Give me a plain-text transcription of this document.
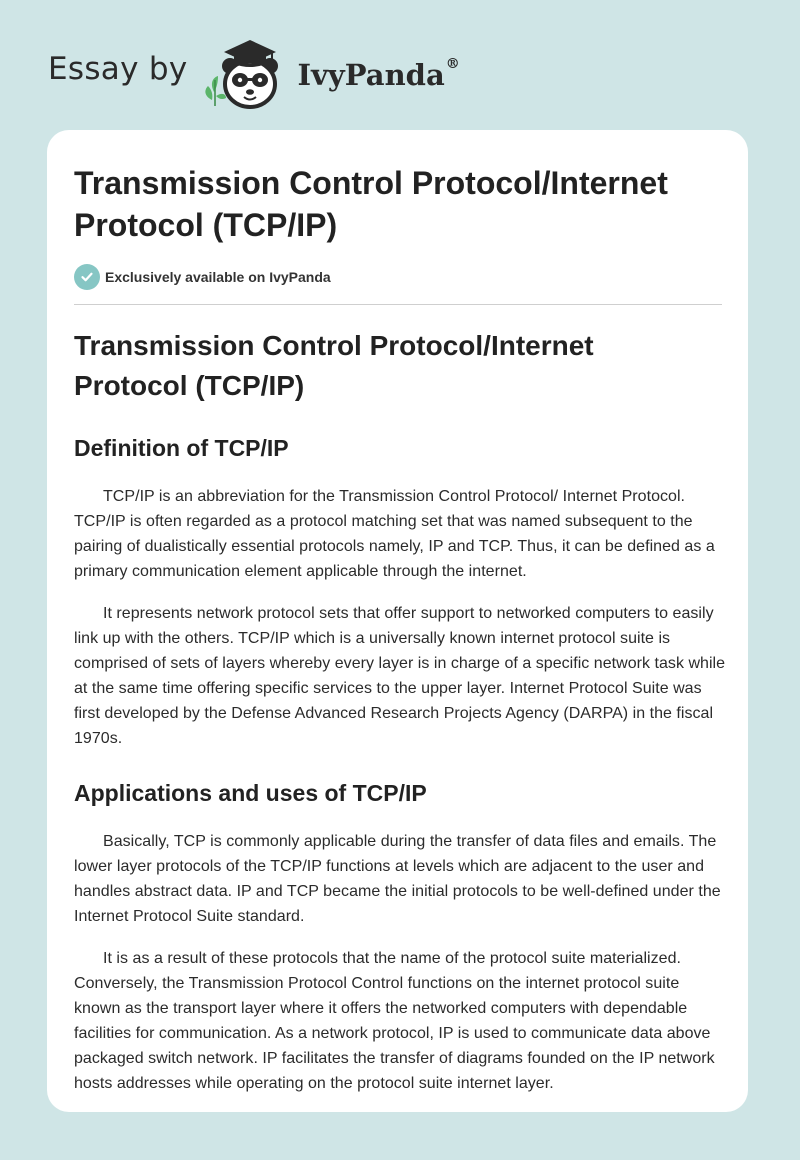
Essay by	IvyPanda®
Transmission Control Protocol/Internet Protocol (TCP/IP)
Exclusively available on IvyPanda
Transmission Control Protocol/Internet Protocol (TCP/IP)
Definition of TCP/IP

TCP/IP is an abbreviation for the Transmission Control Protocol/ Internet Protocol. TCP/IP is often regarded as a protocol matching set that was named subsequent to the pairing of dualistically essential protocols namely, IP and TCP. Thus, it can be defined as a primary communication element applicable through the internet.

It represents network protocol sets that offer support to networked computers to easily link up with the others. TCP/IP which is a universally known internet protocol suite is comprised of sets of layers whereby every layer is in charge of a specific network task while at the same time offering specific services to the upper layer. Internet Protocol Suite was first developed by the Defense Advanced Research Projects Agency (DARPA) in the fiscal 1970s.

Applications and uses of TCP/IP

Basically, TCP is commonly applicable during the transfer of data files and emails. The lower layer protocols of the TCP/IP functions at levels which are adjacent to the user and handles abstract data. IP and TCP became the initial protocols to be well-defined under the Internet Protocol Suite standard.

It is as a result of these protocols that the name of the protocol suite materialized. Conversely, the Transmission Protocol Control functions on the internet protocol suite known as the transport layer where it offers the networked computers with dependable facilities for communication. As a network protocol, IP is used to communicate data above packaged switch network. IP facilitates the transfer of diagrams founded on the IP network hosts addresses while operating on the protocol suite internet layer.
